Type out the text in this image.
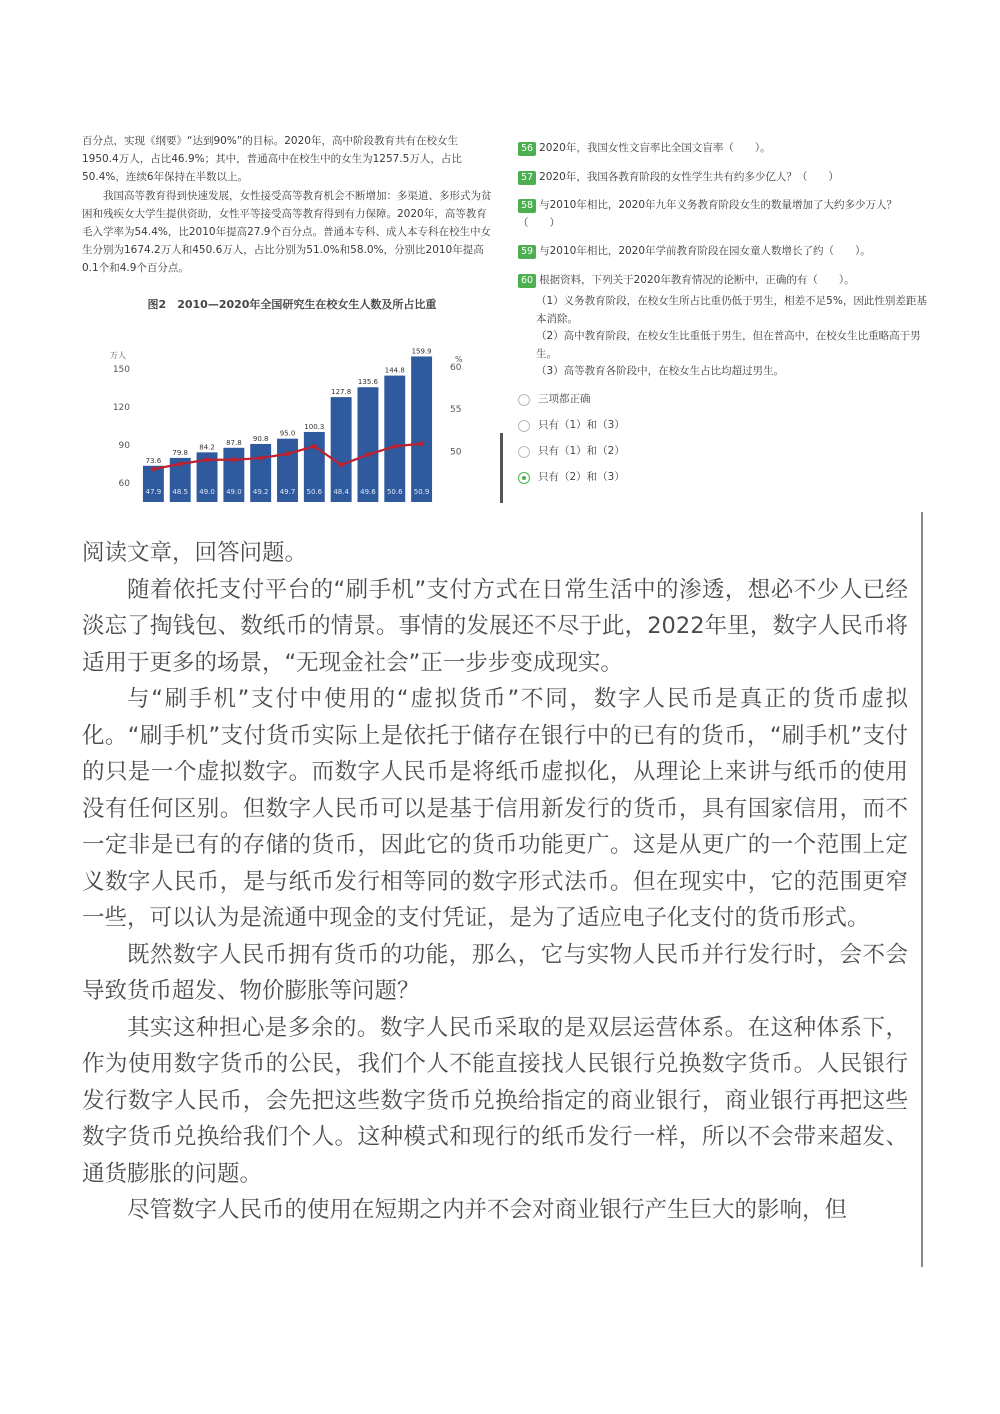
百分点，实现《纲要》“达到90%”的目标。2020年，高中阶段教育共有在校女生1950.4万人，占比46.9%；其中，普通高中在校生中的女生为1257.5万人，占比50.4%，连续6年保持在半数以上。

我国高等教育得到快速发展，女性接受高等教育机会不断增加：多渠道、多形式为贫困和残疾女大学生提供资助，女性平等接受高等教育得到有力保障。2020年，高等教育毛入学率为54.4%，比2010年提高27.9个百分点。普通本专科、成人本专科在校生中女生分别为1674.2万人和450.6万人，占比分别为51.0%和58.0%，分别比2010年提高0.1个和4.9个百分点。

图2　2010—2020年全国研究生在校女生人数及所占比重
万人	%
60
90
120
150
50
55
60
73.6
79.8
84.2
87.8 90.8
95.0
100.3
127.8
135.6
144.8
159.9
47.9 48.5 49.0 49.0 49.2 49.7 50.6 48.4 49.6 50.6 50.9
56 2020年，我国女性文盲率比全国文盲率（　　）。
57 2020年，我国各教育阶段的女性学生共有约多少亿人？（　　）
58 与2010年相比，2020年九年义务教育阶段女生的数量增加了大约多少万人？（　　）
59 与2010年相比，2020年学前教育阶段在园女童人数增长了约（　　）。
60 根据资料，下列关于2020年教育情况的论断中，正确的有（　　）。

（1）义务教育阶段，在校女生所占比重仍低于男生，相差不足5%，因此性别差距基本消除。

（2）高中教育阶段，在校女生比重低于男生，但在普高中，在校女生比重略高于男生。

（3）高等教育各阶段中，在校女生占比均超过男生。

三项都正确
只有（1）和（3）
只有（1）和（2）
只有（2）和（3）

阅读文章，回答问题。

随着依托支付平台的“刷手机”支付方式在日常生活中的渗透，想必不少人已经淡忘了掏钱包、数纸币的情景。事情的发展还不尽于此，2022年里，数字人民币将适用于更多的场景，“无现金社会”正一步步变成现实。

与“刷手机”支付中使用的“虚拟货币”不同，数字人民币是真正的货币虚拟化。“刷手机”支付货币实际上是依托于储存在银行中的已有的货币，“刷手机”支付的只是一个虚拟数字。而数字人民币是将纸币虚拟化，从理论上来讲与纸币的使用没有任何区别。但数字人民币可以是基于信用新发行的货币，具有国家信用，而不一定非是已有的存储的货币，因此它的货币功能更广。这是从更广的一个范围上定义数字人民币，是与纸币发行相等同的数字形式法币。但在现实中，它的范围更窄一些，可以认为是流通中现金的支付凭证，是为了适应电子化支付的货币形式。

既然数字人民币拥有货币的功能，那么，它与实物人民币并行发行时，会不会导致货币超发、物价膨胀等问题？

其实这种担心是多余的。数字人民币采取的是双层运营体系。在这种体系下，作为使用数字货币的公民，我们个人不能直接找人民银行兑换数字货币。人民银行发行数字人民币，会先把这些数字货币兑换给指定的商业银行，商业银行再把这些数字货币兑换给我们个人。这种模式和现行的纸币发行一样，所以不会带来超发、通货膨胀的问题。

尽管数字人民币的使用在短期之内并不会对商业银行产生巨大的影响，但
